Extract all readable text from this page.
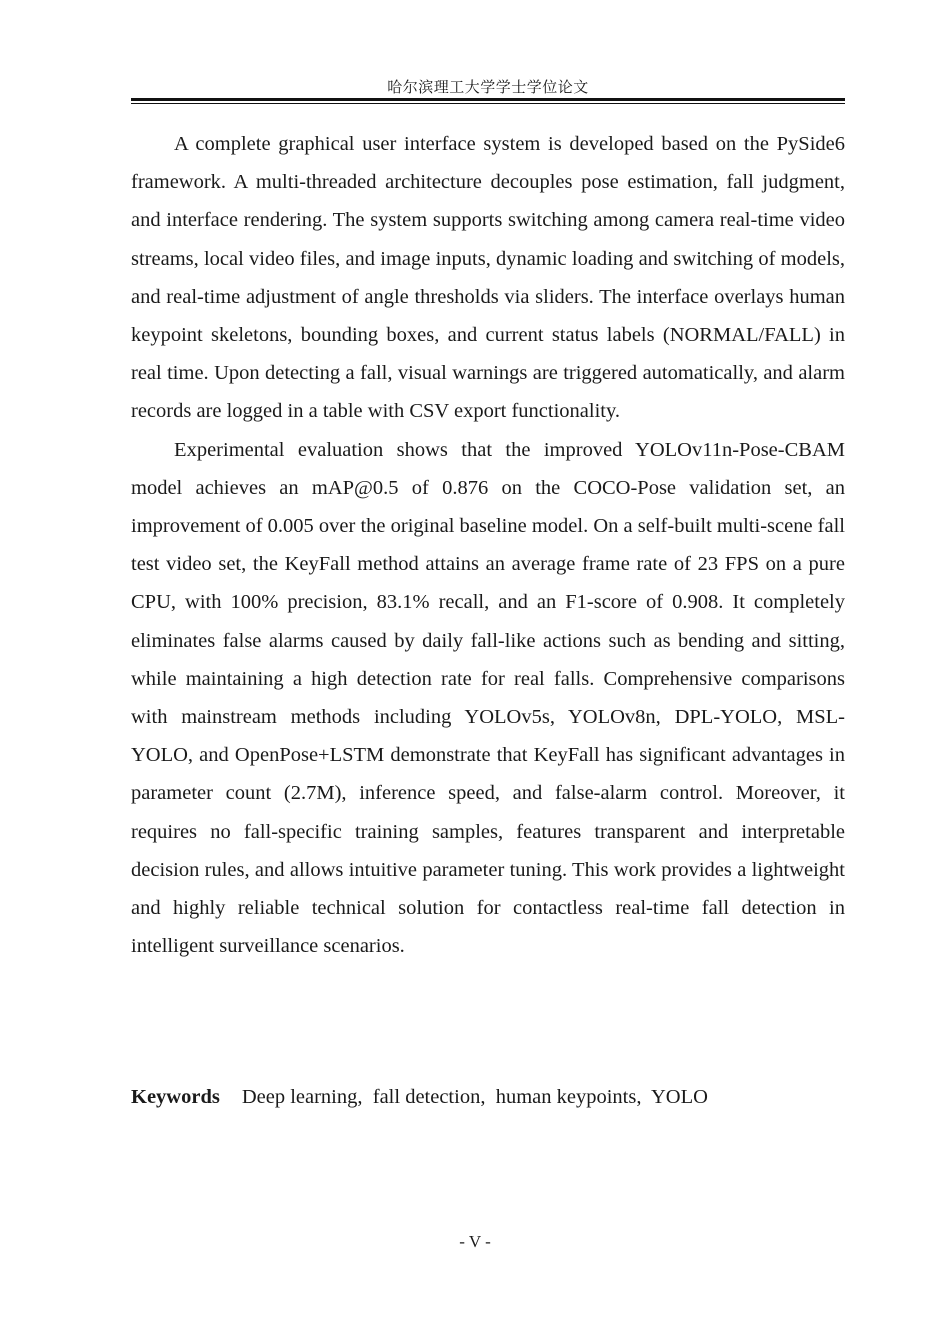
哈尔滨理工大学学士学位论文

A complete graphical user interface system is developed based on the PySide6 framework. A multi-threaded architecture decouples pose estimation, fall judgment, and interface rendering. The system supports switching among camera real-time video streams, local video files, and image inputs, dynamic loading and switching of models, and real-time adjustment of angle thresholds via sliders. The interface overlays human keypoint skeletons, bounding boxes, and current status labels (NORMAL/FALL) in real time. Upon detecting a fall, visual warnings are triggered automatically, and alarm records are logged in a table with CSV export functionality.

Experimental evaluation shows that the improved YOLOv11n-Pose-CBAM model achieves an mAP@0.5 of 0.876 on the COCO-Pose validation set, an improvement of 0.005 over the original baseline model. On a self-built multi-scene fall test video set, the KeyFall method attains an average frame rate of 23 FPS on a pure CPU, with 100% precision, 83.1% recall, and an F1-score of 0.908. It completely eliminates false alarms caused by daily fall-like actions such as bending and sitting, while maintaining a high detection rate for real falls. Comprehensive comparisons with mainstream methods including YOLOv5s, YOLOv8n, DPL-YOLO, MSL-YOLO, and OpenPose+LSTM demonstrate that KeyFall has significant advantages in parameter count (2.7M), inference speed, and false-alarm control. Moreover, it requires no fall-specific training samples, features transparent and interpretable decision rules, and allows intuitive parameter tuning. This work provides a lightweight and highly reliable technical solution for contactless real-time fall detection in intelligent surveillance scenarios.

Keywords Deep learning, fall detection, human keypoints, YOLO
- V -
